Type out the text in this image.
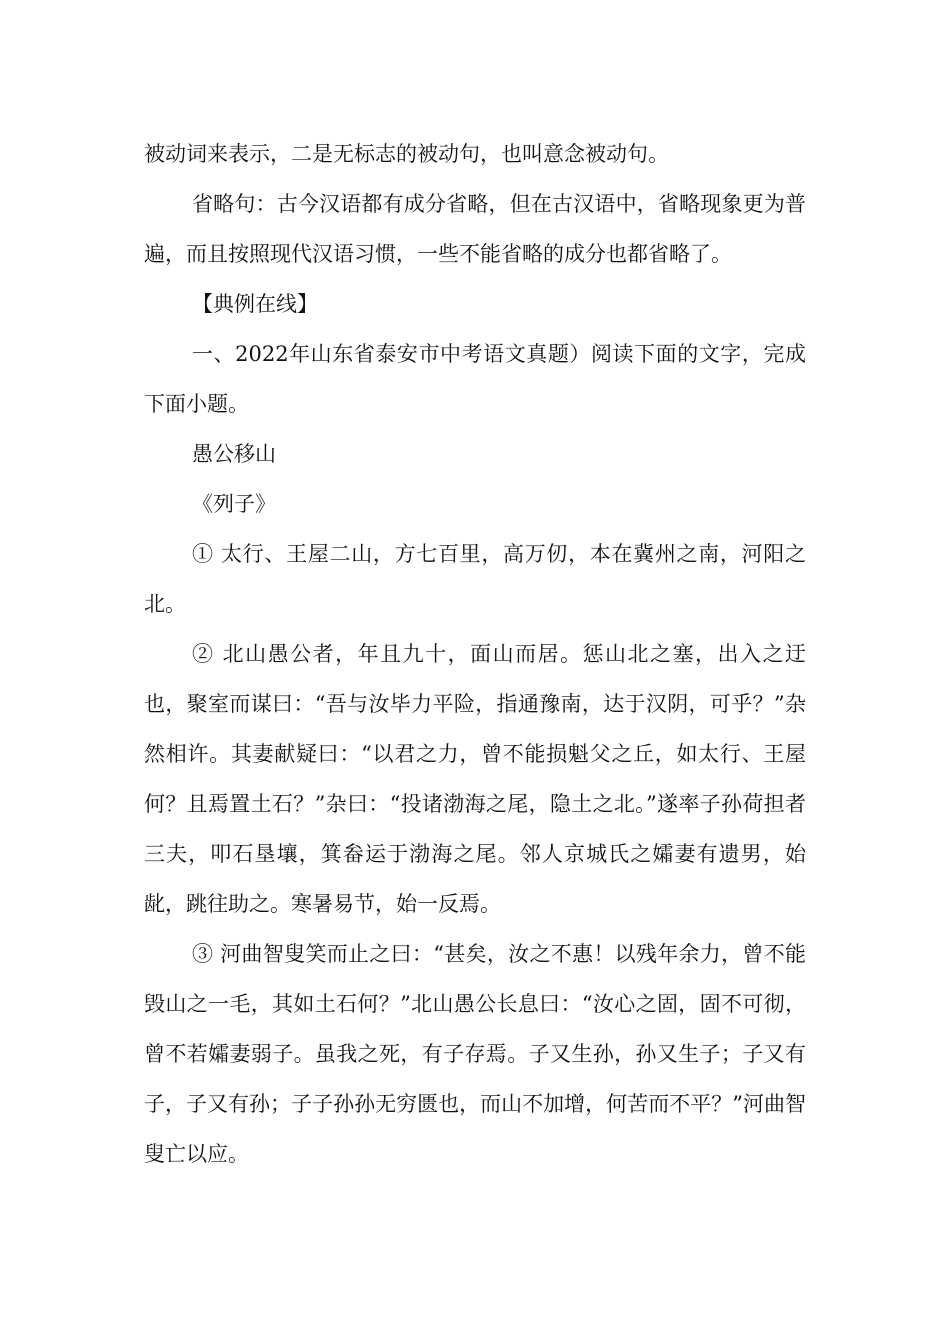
被动词来表示，二是无标志的被动句，也叫意念被动句。

省略句：古今汉语都有成分省略，但在古汉语中，省略现象更为普遍，而且按照现代汉语习惯，一些不能省略的成分也都省略了。

【典例在线】

一、2022年山东省泰安市中考语文真题）阅读下面的文字，完成下面小题。

愚公移山

《列子》

① 太行、王屋二山，方七百里，高万仞，本在冀州之南，河阳之北。

② 北山愚公者，年且九十，面山而居。惩山北之塞，出入之迂也，聚室而谋曰：“吾与汝毕力平险，指通豫南，达于汉阴，可乎？”杂然相许。其妻献疑曰：“以君之力，曾不能损魁父之丘，如太行、王屋何？且焉置土石？”杂曰：“投诸渤海之尾，隐土之北。”遂率子孙荷担者三夫，叩石垦壤，箕畚运于渤海之尾。邻人京城氏之孀妻有遗男，始龀，跳往助之。寒暑易节，始一反焉。

③ 河曲智叟笑而止之曰：“甚矣，汝之不惠！以残年余力，曾不能毁山之一毛，其如土石何？”北山愚公长息曰：“汝心之固，固不可彻，曾不若孀妻弱子。虽我之死，有子存焉。子又生孙，孙又生子；子又有子，子又有孙；子子孙孙无穷匮也，而山不加增，何苦而不平？”河曲智叟亡以应。
